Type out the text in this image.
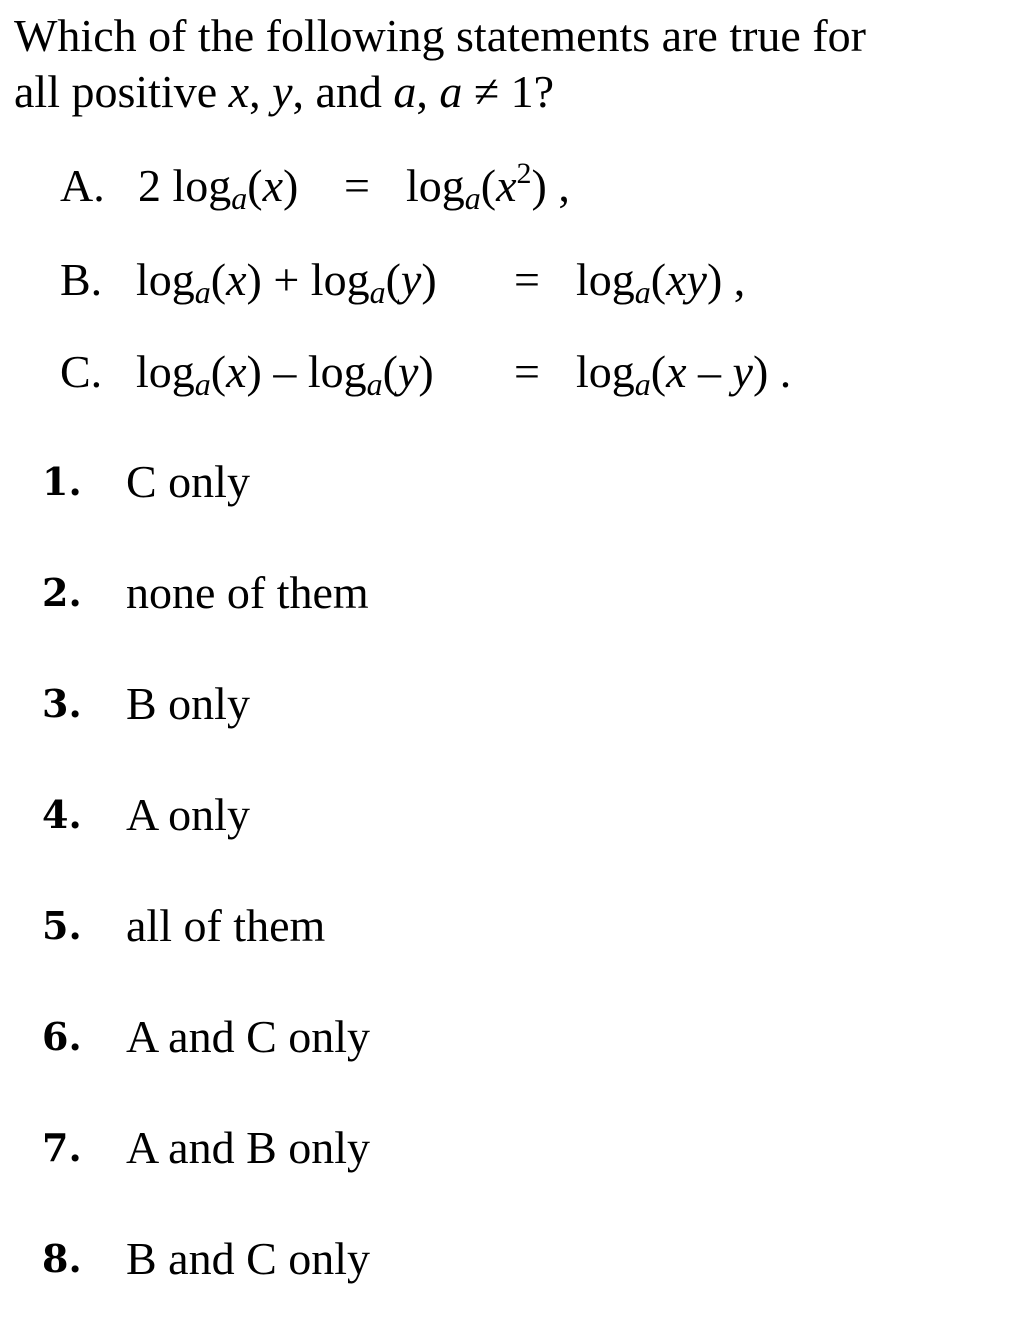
Which of the following statements are true for
all positive x, y, and a, a ≠ 1?
A. 2 $\log_a(x) = \log_a(x^2)$ ,
B. $\log_a(x) + \log_a(y) = \log_a(xy)$ ,
C. $\log_a(x) - \log_a(y) = \log_a(x - y)$ .
1. C only
2. none of them
3. B only
4. A only
5. all of them
6. A and C only
7. A and B only
8. B and C only
